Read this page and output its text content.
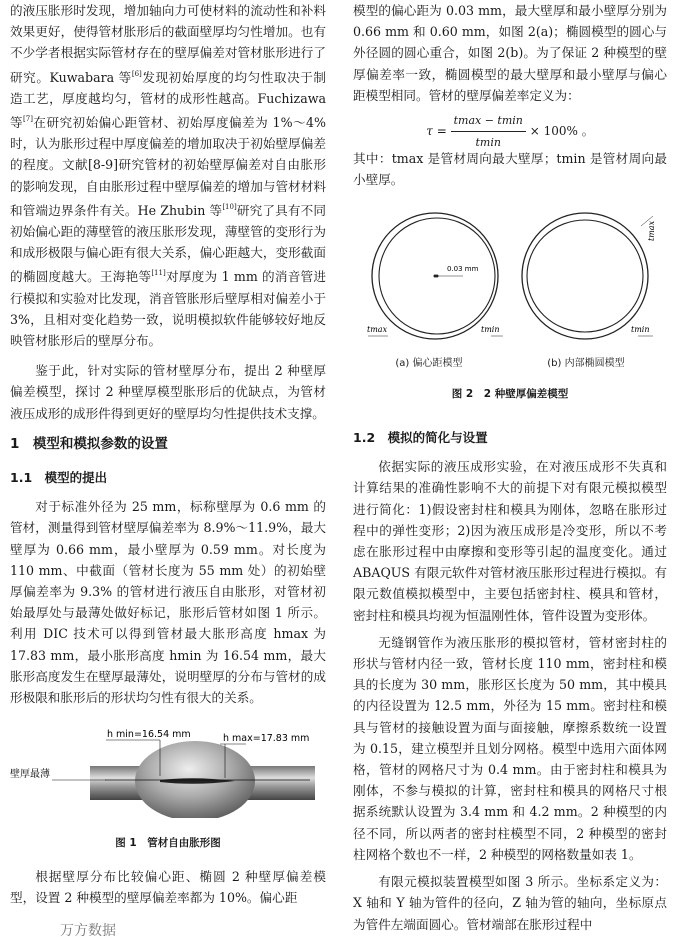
的液压胀形时发现，增加轴向力可使材料的流动性和补料效果更好，使得管材胀形后的截面壁厚均匀性增加。也有不少学者根据实际管材存在的壁厚偏差对管材胀形进行了研究。Kuwabara 等[6]发现初始厚度的均匀性取决于制造工艺，厚度越均匀，管材的成形性越高。Fuchizawa 等[7]在研究初始偏心距管材、初始厚度偏差为 1%～4% 时，认为胀形过程中厚度偏差的增加取决于初始壁厚偏差的程度。文献[8-9]研究管材的初始壁厚偏差对自由胀形的影响发现，自由胀形过程中壁厚偏差的增加与管材材料和管端边界条件有关。He Zhubin 等[10]研究了具有不同初始偏心距的薄壁管的液压胀形发现，薄壁管的变形行为和成形极限与偏心距有很大关系，偏心距越大，变形截面的椭圆度越大。王海艳等[11]对厚度为 1 mm 的消音管进行模拟和实验对比发现，消音管胀形后壁厚相对偏差小于 3%，且相对变化趋势一致，说明模拟软件能够较好地反映管材胀形后的壁厚分布。

鉴于此，针对实际的管材壁厚分布，提出 2 种壁厚偏差模型，探讨 2 种壁厚模型胀形后的优缺点，为管材液压成形的成形件得到更好的壁厚均匀性提供技术支撑。

1　模型和模拟参数的设置
1.1　模型的提出

对于标准外径为 25 mm，标称壁厚为 0.6 mm 的管材，测量得到管材壁厚偏差率为 8.9%～11.9%，最大壁厚为 0.66 mm，最小壁厚为 0.59 mm。对长度为 110 mm、中截面（管材长度为 55 mm 处）的初始壁厚偏差率为 9.3% 的管材进行液压自由胀形，对管材初始最厚处与最薄处做好标记，胀形后管材如图 1 所示。利用 DIC 技术可以得到管材最大胀形高度 hmax 为 17.83 mm，最小胀形高度 hmin 为 16.54 mm，最大胀形高度发生在壁厚最薄处，说明壁厚的分布与管材的成形极限和胀形后的形状均匀性有很大的关系。

h min=16.54 mm	h max=17.83 mm
壁厚最薄
图 1　管材自由胀形图

根据壁厚分布比较偏心距、椭圆 2 种壁厚偏差模型，设置 2 种模型的壁厚偏差率都为 10%。偏心距

模型的偏心距为 0.03 mm，最大壁厚和最小壁厚分别为 0.66 mm 和 0.60 mm，如图 2(a)；椭圆模型的圆心与外径圆的圆心重合，如图 2(b)。为了保证 2 种模型的壁厚偏差率一致，椭圆模型的最大壁厚和最小壁厚与偏心距模型相同。管材的壁厚偏差率定义为：

$\tau = \frac{tmax - tmin}{tmin} \times 100\%$ 。

其中：tmax 是管材周向最大壁厚；tmin 是管材周向最小壁厚。

0.03 mm
tmax	tmin
tmax
tmin
(a) 偏心距模型	(b) 内部椭圆模型
图 2　2 种壁厚偏差模型
1.2　模拟的简化与设置

依据实际的液压成形实验，在对液压成形不失真和计算结果的准确性影响不大的前提下对有限元模拟模型进行简化：1)假设密封柱和模具为刚体，忽略在胀形过程中的弹性变形；2)因为液压成形是冷变形，所以不考虑在胀形过程中由摩擦和变形等引起的温度变化。通过 ABAQUS 有限元软件对管材液压胀形过程进行模拟。有限元数值模拟模型中，主要包括密封柱、模具和管材，密封柱和模具均视为恒温刚性体，管件设置为变形体。

无缝钢管作为液压胀形的模拟管材，管材密封柱的形状与管材内径一致，管材长度 110 mm，密封柱和模具的长度为 30 mm，胀形区长度为 50 mm，其中模具的内径设置为 12.5 mm，外径为 15 mm。密封柱和模具与管材的接触设置为面与面接触，摩擦系数统一设置为 0.15，建立模型并且划分网格。模型中选用六面体网格，管材的网格尺寸为 0.4 mm。由于密封柱和模具为刚体，不参与模拟的计算，密封柱和模具的网格尺寸根据系统默认设置为 3.4 mm 和 4.2 mm。2 种模型的内径不同，所以两者的密封柱模型不同，2 种模型的密封柱网格个数也不一样，2 种模型的网格数量如表 1。

有限元模拟装置模型如图 3 所示。坐标系定义为：X 轴和 Y 轴为管件的径向，Z 轴为管的轴向，坐标原点为管件左端面圆心。管材端部在胀形过程中

万方数据
